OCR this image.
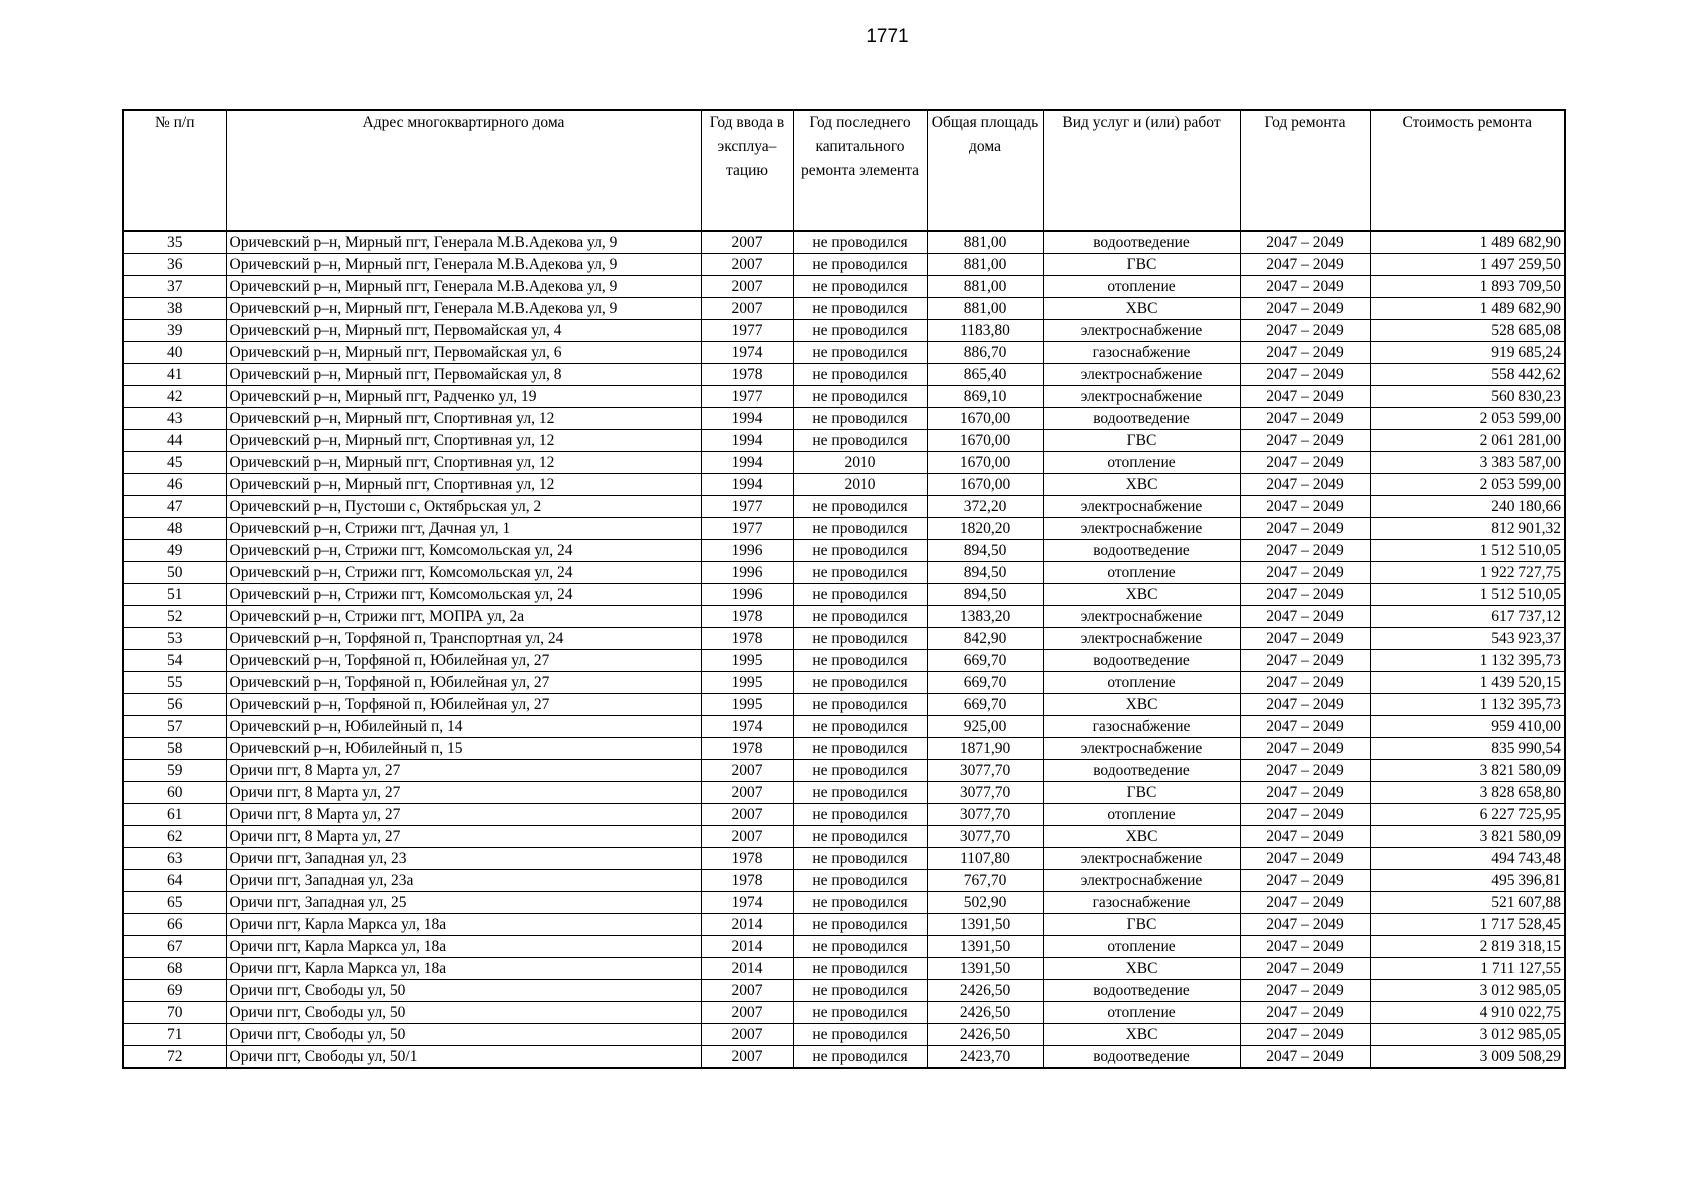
1771
№ п/п	Адрес многоквартирного дома	Год ввода в эксплуа– тацию	Год последнего капитального ремонта элемента	Общая площадь дома	Вид услуг и (или) работ	Год ремонта	Стоимость ремонта
35	Оричевский р–н, Мирный пгт, Генерала М.В.Адекова ул, 9	2007	не проводился	881,00	водоотведение	2047 – 2049	1 489 682,90
36	Оричевский р–н, Мирный пгт, Генерала М.В.Адекова ул, 9	2007	не проводился	881,00	ГВС	2047 – 2049	1 497 259,50
37	Оричевский р–н, Мирный пгт, Генерала М.В.Адекова ул, 9	2007	не проводился	881,00	отопление	2047 – 2049	1 893 709,50
38	Оричевский р–н, Мирный пгт, Генерала М.В.Адекова ул, 9	2007	не проводился	881,00	ХВС	2047 – 2049	1 489 682,90
39	Оричевский р–н, Мирный пгт, Первомайская ул, 4	1977	не проводился	1183,80	электроснабжение	2047 – 2049	528 685,08
40	Оричевский р–н, Мирный пгт, Первомайская ул, 6	1974	не проводился	886,70	газоснабжение	2047 – 2049	919 685,24
41	Оричевский р–н, Мирный пгт, Первомайская ул, 8	1978	не проводился	865,40	электроснабжение	2047 – 2049	558 442,62
42	Оричевский р–н, Мирный пгт, Радченко ул, 19	1977	не проводился	869,10	электроснабжение	2047 – 2049	560 830,23
43	Оричевский р–н, Мирный пгт, Спортивная ул, 12	1994	не проводился	1670,00	водоотведение	2047 – 2049	2 053 599,00
44	Оричевский р–н, Мирный пгт, Спортивная ул, 12	1994	не проводился	1670,00	ГВС	2047 – 2049	2 061 281,00
45	Оричевский р–н, Мирный пгт, Спортивная ул, 12	1994	2010	1670,00	отопление	2047 – 2049	3 383 587,00
46	Оричевский р–н, Мирный пгт, Спортивная ул, 12	1994	2010	1670,00	ХВС	2047 – 2049	2 053 599,00
47	Оричевский р–н, Пустоши с, Октябрьская ул, 2	1977	не проводился	372,20	электроснабжение	2047 – 2049	240 180,66
48	Оричевский р–н, Стрижи пгт, Дачная ул, 1	1977	не проводился	1820,20	электроснабжение	2047 – 2049	812 901,32
49	Оричевский р–н, Стрижи пгт, Комсомольская ул, 24	1996	не проводился	894,50	водоотведение	2047 – 2049	1 512 510,05
50	Оричевский р–н, Стрижи пгт, Комсомольская ул, 24	1996	не проводился	894,50	отопление	2047 – 2049	1 922 727,75
51	Оричевский р–н, Стрижи пгт, Комсомольская ул, 24	1996	не проводился	894,50	ХВС	2047 – 2049	1 512 510,05
52	Оричевский р–н, Стрижи пгт, МОПРА ул, 2а	1978	не проводился	1383,20	электроснабжение	2047 – 2049	617 737,12
53	Оричевский р–н, Торфяной п, Транспортная ул, 24	1978	не проводился	842,90	электроснабжение	2047 – 2049	543 923,37
54	Оричевский р–н, Торфяной п, Юбилейная ул, 27	1995	не проводился	669,70	водоотведение	2047 – 2049	1 132 395,73
55	Оричевский р–н, Торфяной п, Юбилейная ул, 27	1995	не проводился	669,70	отопление	2047 – 2049	1 439 520,15
56	Оричевский р–н, Торфяной п, Юбилейная ул, 27	1995	не проводился	669,70	ХВС	2047 – 2049	1 132 395,73
57	Оричевский р–н, Юбилейный п, 14	1974	не проводился	925,00	газоснабжение	2047 – 2049	959 410,00
58	Оричевский р–н, Юбилейный п, 15	1978	не проводился	1871,90	электроснабжение	2047 – 2049	835 990,54
59	Оричи пгт, 8 Марта ул, 27	2007	не проводился	3077,70	водоотведение	2047 – 2049	3 821 580,09
60	Оричи пгт, 8 Марта ул, 27	2007	не проводился	3077,70	ГВС	2047 – 2049	3 828 658,80
61	Оричи пгт, 8 Марта ул, 27	2007	не проводился	3077,70	отопление	2047 – 2049	6 227 725,95
62	Оричи пгт, 8 Марта ул, 27	2007	не проводился	3077,70	ХВС	2047 – 2049	3 821 580,09
63	Оричи пгт, Западная ул, 23	1978	не проводился	1107,80	электроснабжение	2047 – 2049	494 743,48
64	Оричи пгт, Западная ул, 23а	1978	не проводился	767,70	электроснабжение	2047 – 2049	495 396,81
65	Оричи пгт, Западная ул, 25	1974	не проводился	502,90	газоснабжение	2047 – 2049	521 607,88
66	Оричи пгт, Карла Маркса ул, 18а	2014	не проводился	1391,50	ГВС	2047 – 2049	1 717 528,45
67	Оричи пгт, Карла Маркса ул, 18а	2014	не проводился	1391,50	отопление	2047 – 2049	2 819 318,15
68	Оричи пгт, Карла Маркса ул, 18а	2014	не проводился	1391,50	ХВС	2047 – 2049	1 711 127,55
69	Оричи пгт, Свободы ул, 50	2007	не проводился	2426,50	водоотведение	2047 – 2049	3 012 985,05
70	Оричи пгт, Свободы ул, 50	2007	не проводился	2426,50	отопление	2047 – 2049	4 910 022,75
71	Оричи пгт, Свободы ул, 50	2007	не проводился	2426,50	ХВС	2047 – 2049	3 012 985,05
72	Оричи пгт, Свободы ул, 50/1	2007	не проводился	2423,70	водоотведение	2047 – 2049	3 009 508,29
